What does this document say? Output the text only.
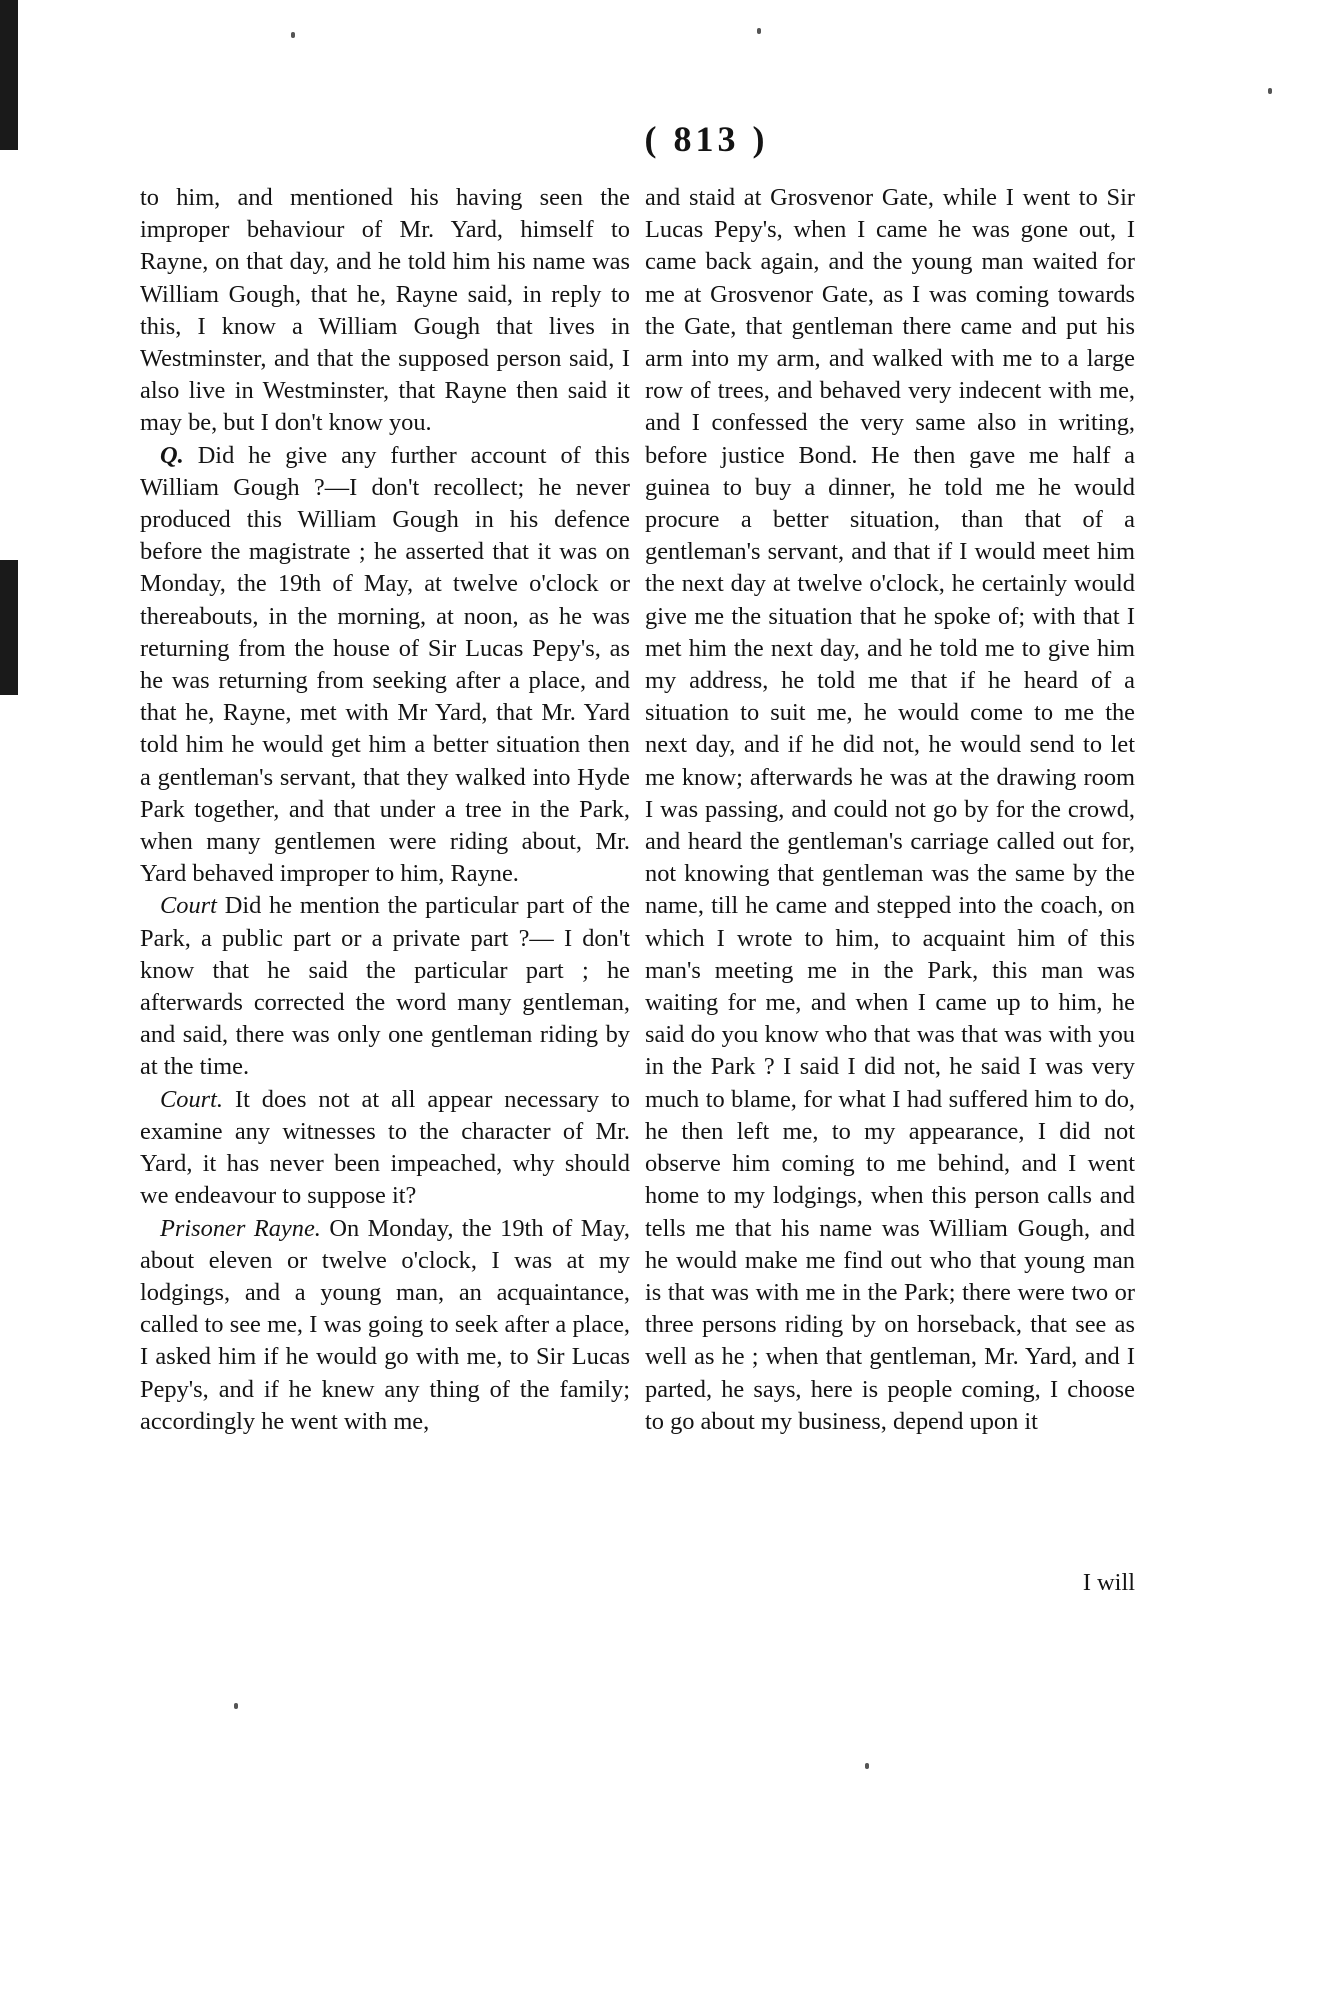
( 813 )

to him, and mentioned his having seen the improper behaviour of Mr. Yard, himself to Rayne, on that day, and he told him his name was William Gough, that he, Rayne said, in reply to this, I know a William Gough that lives in Westminster, and that the supposed person said, I also live in Westminster, that Rayne then said it may be, but I don't know you.

Q. Did he give any further account of this William Gough ?—I don't recollect; he never produced this William Gough in his defence before the magistrate ; he asserted that it was on Monday, the 19th of May, at twelve o'clock or thereabouts, in the morning, at noon, as he was returning from the house of Sir Lucas Pepy's, as he was returning from seeking after a place, and that he, Rayne, met with Mr Yard, that Mr. Yard told him he would get him a better situation then a gentleman's servant, that they walked into Hyde Park together, and that under a tree in the Park, when many gentlemen were riding about, Mr. Yard behaved improper to him, Rayne.

Court Did he mention the particular part of the Park, a public part or a private part ?— I don't know that he said the particular part ; he afterwards corrected the word many gentleman, and said, there was only one gentleman riding by at the time.

Court. It does not at all appear necessary to examine any witnesses to the character of Mr. Yard, it has never been impeached, why should we endeavour to suppose it?

Prisoner Rayne. On Monday, the 19th of May, about eleven or twelve o'clock, I was at my lodgings, and a young man, an acquaintance, called to see me, I was going to seek after a place, I asked him if he would go with me, to Sir Lucas Pepy's, and if he knew any thing of the family; accordingly he went with me,

and staid at Grosvenor Gate, while I went to Sir Lucas Pepy's, when I came he was gone out, I came back again, and the young man waited for me at Grosvenor Gate, as I was coming towards the Gate, that gentleman there came and put his arm into my arm, and walked with me to a large row of trees, and behaved very indecent with me, and I confessed the very same also in writing, before justice Bond. He then gave me half a guinea to buy a dinner, he told me he would procure a better situation, than that of a gentleman's servant, and that if I would meet him the next day at twelve o'clock, he certainly would give me the situation that he spoke of; with that I met him the next day, and he told me to give him my address, he told me that if he heard of a situation to suit me, he would come to me the next day, and if he did not, he would send to let me know; afterwards he was at the drawing room I was passing, and could not go by for the crowd, and heard the gentleman's carriage called out for, not knowing that gentleman was the same by the name, till he came and stepped into the coach, on which I wrote to him, to acquaint him of this man's meeting me in the Park, this man was waiting for me, and when I came up to him, he said do you know who that was that was with you in the Park ? I said I did not, he said I was very much to blame, for what I had suffered him to do, he then left me, to my appearance, I did not observe him coming to me behind, and I went home to my lodgings, when this person calls and tells me that his name was William Gough, and he would make me find out who that young man is that was with me in the Park; there were two or three persons riding by on horseback, that see as well as he ; when that gentleman, Mr. Yard, and I parted, he says, here is people coming, I choose to go about my business, depend upon it

I will
